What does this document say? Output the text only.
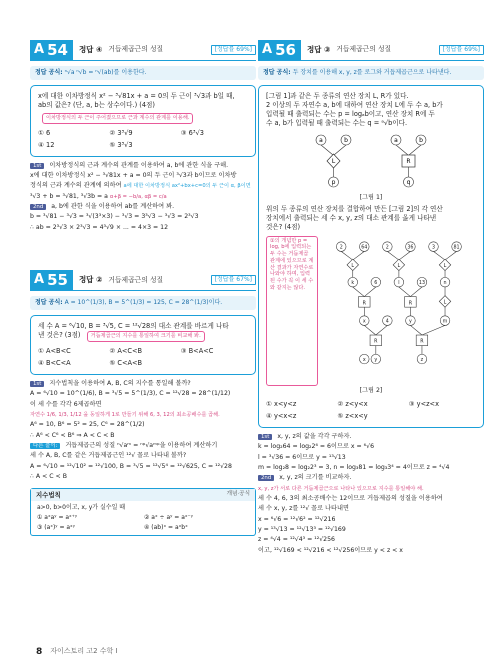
A 54 정답 ④ 거듭제곱근의 성질	[정답률 69%]
정답 공식: ⁿ√a ⁿ√b = ⁿ√(ab)를 이용한다.
x에 대한 이차방정식 x² − ³√81x + a = 0의 두 근이 ³√3과 b일 때,
ab의 값은? (단, a, b는 상수이다.) (4점)
이차방정식의 두 근이 주어졌으므로 근과 계수의 관계를 이용해.
① 6	② 3³√9	③ 6³√3
④ 12	⑤ 3³√3
1st 이차방정식의 근과 계수의 관계를 이용하여 a, b에 관한 식을 구해.
x에 대한 이차방정식 x² − ³√81x + a = 0의 두 근이 ³√3과 b이므로 이차방
정식의 근과 계수의 관계에 의하여 a에 대한 이차방정식 ax²+bx+c=0의 두 근이 α, β이면
³√3 + b = ³√81, ³√3b = a α+β = −b/a, αβ = c/a
2nd a, b에 관한 식을 이용하여 ab를 계산하여 봐.
b = ³√81 − ³√3 = ³√(3³×3) − ³√3 = 3³√3 − ³√3 = 2³√3
∴ ab = 2³√3 × 2³√3 = 4³√9 × ... = 4×3 = 12
A 55 정답 ② 거듭제곱근의 성질	[정답률 67%]
정답 공식: A = 10^(1/3), B = 5^(1/3) = 125, C = 28^(1/3)이다.
세 수 A = ⁶√10, B = ³√5, C = ¹²√28의 대소 관계를 바르게 나타
낸 것은? (3점) 거듭제곱근의 지수를 통일하여 크기를 비교해 봐.
① A<B<C	② A<C<B	③ B<A<C
④ B<C<A	⑤ C<A<B
1st 지수법칙을 이용하여 A, B, C의 지수를 통일해 볼까?
A = ⁶√10 = 10^(1/6), B = ³√5 = 5^(1/3), C = ¹²√28 = 28^(1/12)
이 세 수를 각각 6제곱하면
자연수 1/6, 1/3, 1/12 을 동일하게 1로 만들기 위해 6, 3, 12의 최소공배수를 곱해.
A⁶ = 10, B⁶ = 5² = 25, C⁶ = 28^(1/2)
∴ A⁶ < C⁶ < B⁶ ⇒ A < C < B
다른 풀이: 거듭제곱근의 성질 ⁿ√aᵐ = ⁿᵖ√aᵐᵖ을 이용하여 계산하기
세 수 A, B, C를 같은 거듭제곱근인 ¹²√ 꼴로 나타내 볼까?
A = ⁶√10 = ¹²√10² = ¹²√100, B = ³√5 = ¹²√5⁴ = ¹²√625, C = ¹²√28
∴ A < C < B
지수법칙	개념·공식
a>0, b>0이고, x, y가 실수일 때
① aˣaʸ = aˣ⁺ʸ	② aˣ ÷ aʸ = aˣ⁻ʸ
③ (aˣ)ʸ = aˣʸ	④ (ab)ˣ = aˣbˣ
A 56 정답 ③ 거듭제곱근의 성질	[정답률 69%]
정답 공식: 두 장치를 이용해 x, y, z를 로그와 거듭제곱근으로 나타낸다.
[그림 1]과 같은 두 종류의 연산 장치 L, R가 있다.
2 이상의 두 자연수 a, b에 대하여 연산 장치 L에 두 수 a, b가
입력될 때 출력되는 수는 p = logₐb이고, 연산 장치 R에 두
수 a, b가 입력될 때 출력되는 수는 q = ᵃ√b이다.
a	b
L
p
a	b
R
q
[그림 1]
위의 두 종류의 연산 장치를 결합하여 만든 [그림 2]의 각 연산
장치에서 출력되는 세 수 x, y, z의 대소 관계를 옳게 나타낸
것은? (4점)
①의 개념만 p = log, b에 입력되는 두 수는 거듭제곱 관계에 있으므로 계산 결과가 자연수로 나와야 하며, 입력된 수가 꼭 이 세 수와 같지는 않다.
2	64	2	36	3	81
L	L	L
k	l	n
6	13
R	R	L
x	y	m
4
R	R
x y	z
[그림 2]
① x<y<z	② z<y<x	③ y<z<x
④ y<x<z	⑤ z<x<y
1st x, y, z의 값을 각각 구하자.
k = log₂64 = log₂2⁶ = 6이므로 x = ⁶√6
l = ³√36 = 6이므로 y = ¹³√13
m = log₂8 = log₂2³ = 3, n = log₃81 = log₃3⁴ = 4이므로 z = ⁴√4
2nd x, y, z의 크기를 비교하자.
x, y, z가 서로 다른 거듭제곱근으로 나타나 있으므로 지수를 통일해야 해.
세 수 4, 6, 3의 최소공배수는 12이므로 거듭제곱의 성질을 이용하여
세 수 x, y, z를 ¹²√ 꼴로 나타내면
x = ⁶√6 = ¹²√6² = ¹²√216
y = ¹³√13 = ¹²√13³ = ¹²√169
z = ⁴√4 = ¹²√4³ = ¹²√256
이고, ¹²√169 < ¹²√216 < ¹²√256이므로 y < z < x
8 자이스토리 고2 수학 I
